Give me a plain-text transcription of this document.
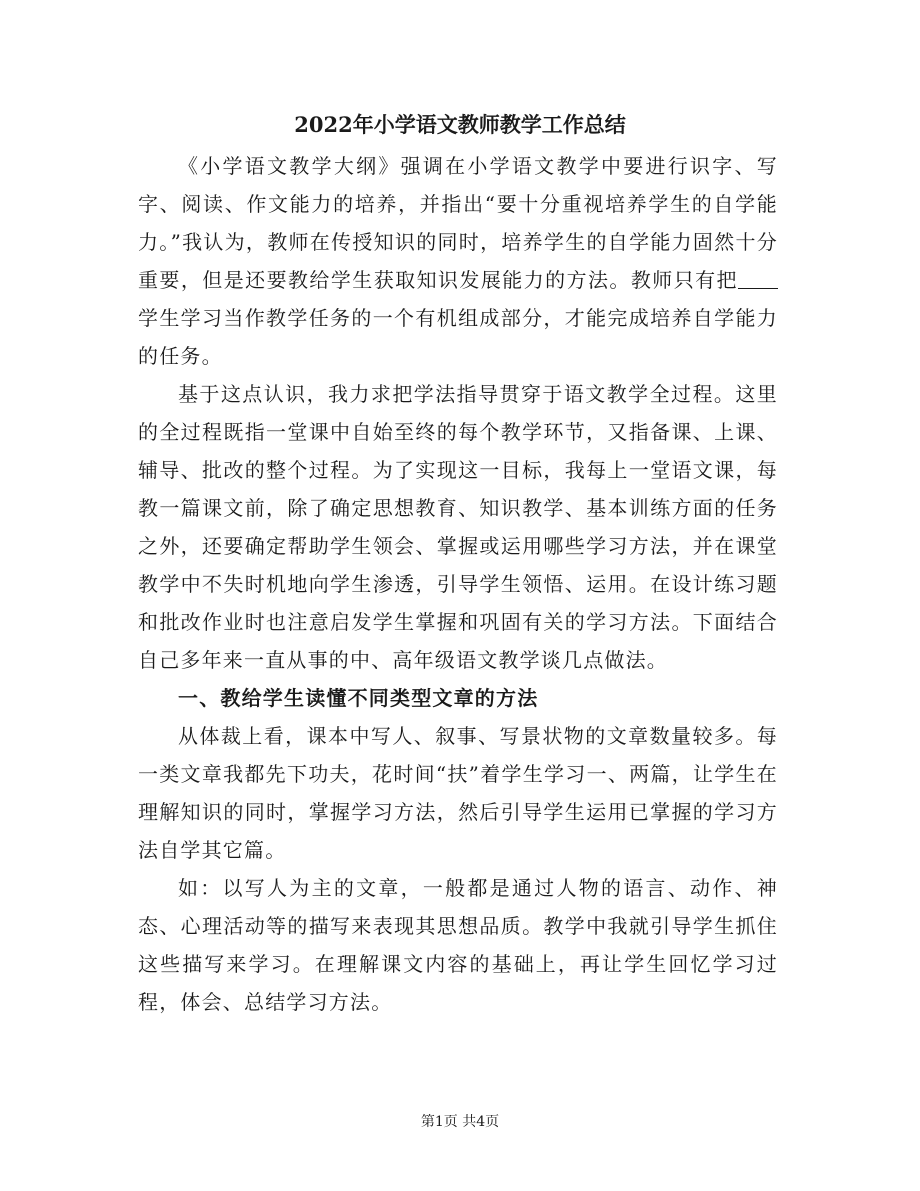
2022年小学语文教师教学工作总结

《小学语文教学大纲》强调在小学语文教学中要进行识字、写字、阅读、作文能力的培养，并指出“要十分重视培养学生的自学能力。”我认为，教师在传授知识的同时，培养学生的自学能力固然十分重要，但是还要教给学生获取知识发展能力的方法。教师只有把学生学习当作教学任务的一个有机组成部分，才能完成培养自学能力的任务。

基于这点认识，我力求把学法指导贯穿于语文教学全过程。这里的全过程既指一堂课中自始至终的每个教学环节，又指备课、上课、辅导、批改的整个过程。为了实现这一目标，我每上一堂语文课，每教一篇课文前，除了确定思想教育、知识教学、基本训练方面的任务之外，还要确定帮助学生领会、掌握或运用哪些学习方法，并在课堂教学中不失时机地向学生渗透，引导学生领悟、运用。在设计练习题和批改作业时也注意启发学生掌握和巩固有关的学习方法。下面结合自己多年来一直从事的中、高年级语文教学谈几点做法。

一、教给学生读懂不同类型文章的方法

从体裁上看，课本中写人、叙事、写景状物的文章数量较多。每一类文章我都先下功夫，花时间“扶”着学生学习一、两篇，让学生在理解知识的同时，掌握学习方法，然后引导学生运用已掌握的学习方法自学其它篇。

如：以写人为主的文章，一般都是通过人物的语言、动作、神态、心理活动等的描写来表现其思想品质。教学中我就引导学生抓住这些描写来学习。在理解课文内容的基础上，再让学生回忆学习过程，体会、总结学习方法。

第1页 共4页
